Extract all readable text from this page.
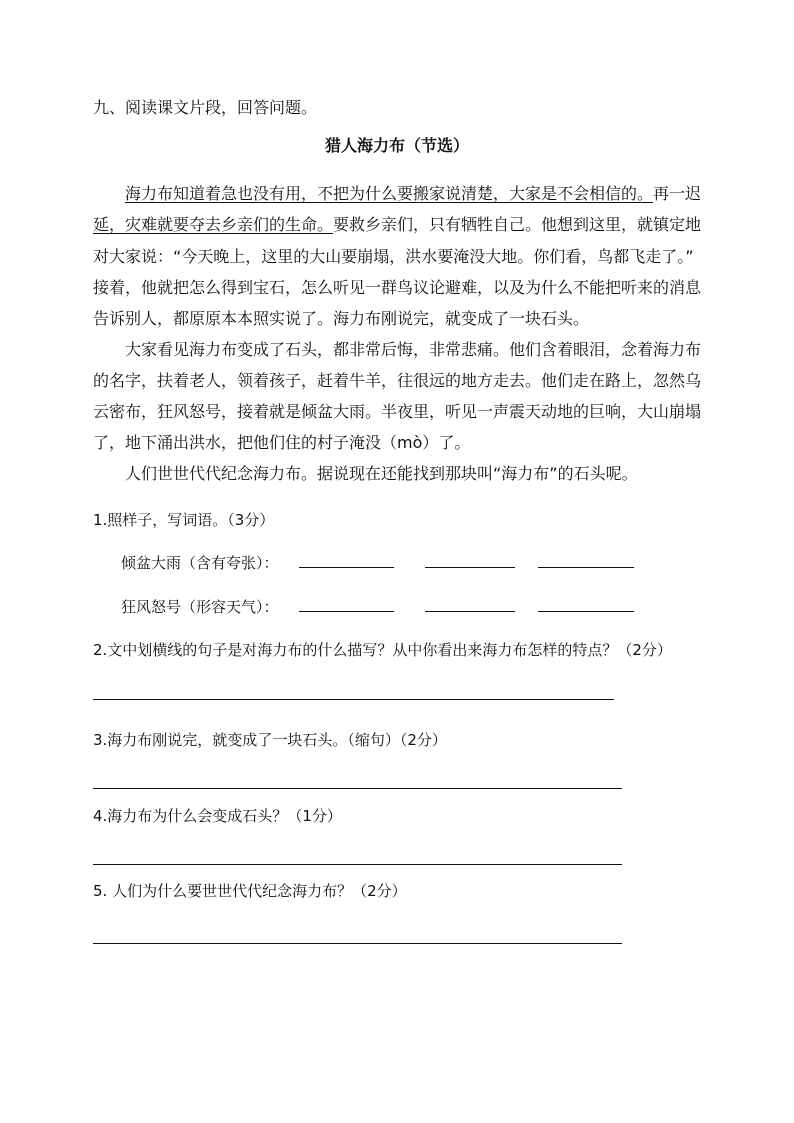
九、阅读课文片段，回答问题。
猎人海力布（节选）
海力布知道着急也没有用，不把为什么要搬家说清楚，大家是不会相信的。再一迟
延，灾难就要夺去乡亲们的生命。要救乡亲们，只有牺牲自己。他想到这里，就镇定地
对大家说：“今天晚上，这里的大山要崩塌，洪水要淹没大地。你们看，鸟都飞走了。”
接着，他就把怎么得到宝石，怎么听见一群鸟议论避难，以及为什么不能把听来的消息
告诉别人，都原原本本照实说了。海力布刚说完，就变成了一块石头。
大家看见海力布变成了石头，都非常后悔，非常悲痛。他们含着眼泪，念着海力布
的名字，扶着老人，领着孩子，赶着牛羊，往很远的地方走去。他们走在路上，忽然乌
云密布，狂风怒号，接着就是倾盆大雨。半夜里，听见一声震天动地的巨响，大山崩塌
了，地下涌出洪水，把他们住的村子淹没（mò）了。
人们世世代代纪念海力布。据说现在还能找到那块叫“海力布”的石头呢。
1.照样子，写词语。（3分）
倾盆大雨（含有夸张）：
狂风怒号（形容天气）：
2.文中划横线的句子是对海力布的什么描写？从中你看出来海力布怎样的特点？（2分）
3.海力布刚说完，就变成了一块石头。（缩句）（2分）
4.海力布为什么会变成石头？（1分）
5. 人们为什么要世世代代纪念海力布？（2分）
